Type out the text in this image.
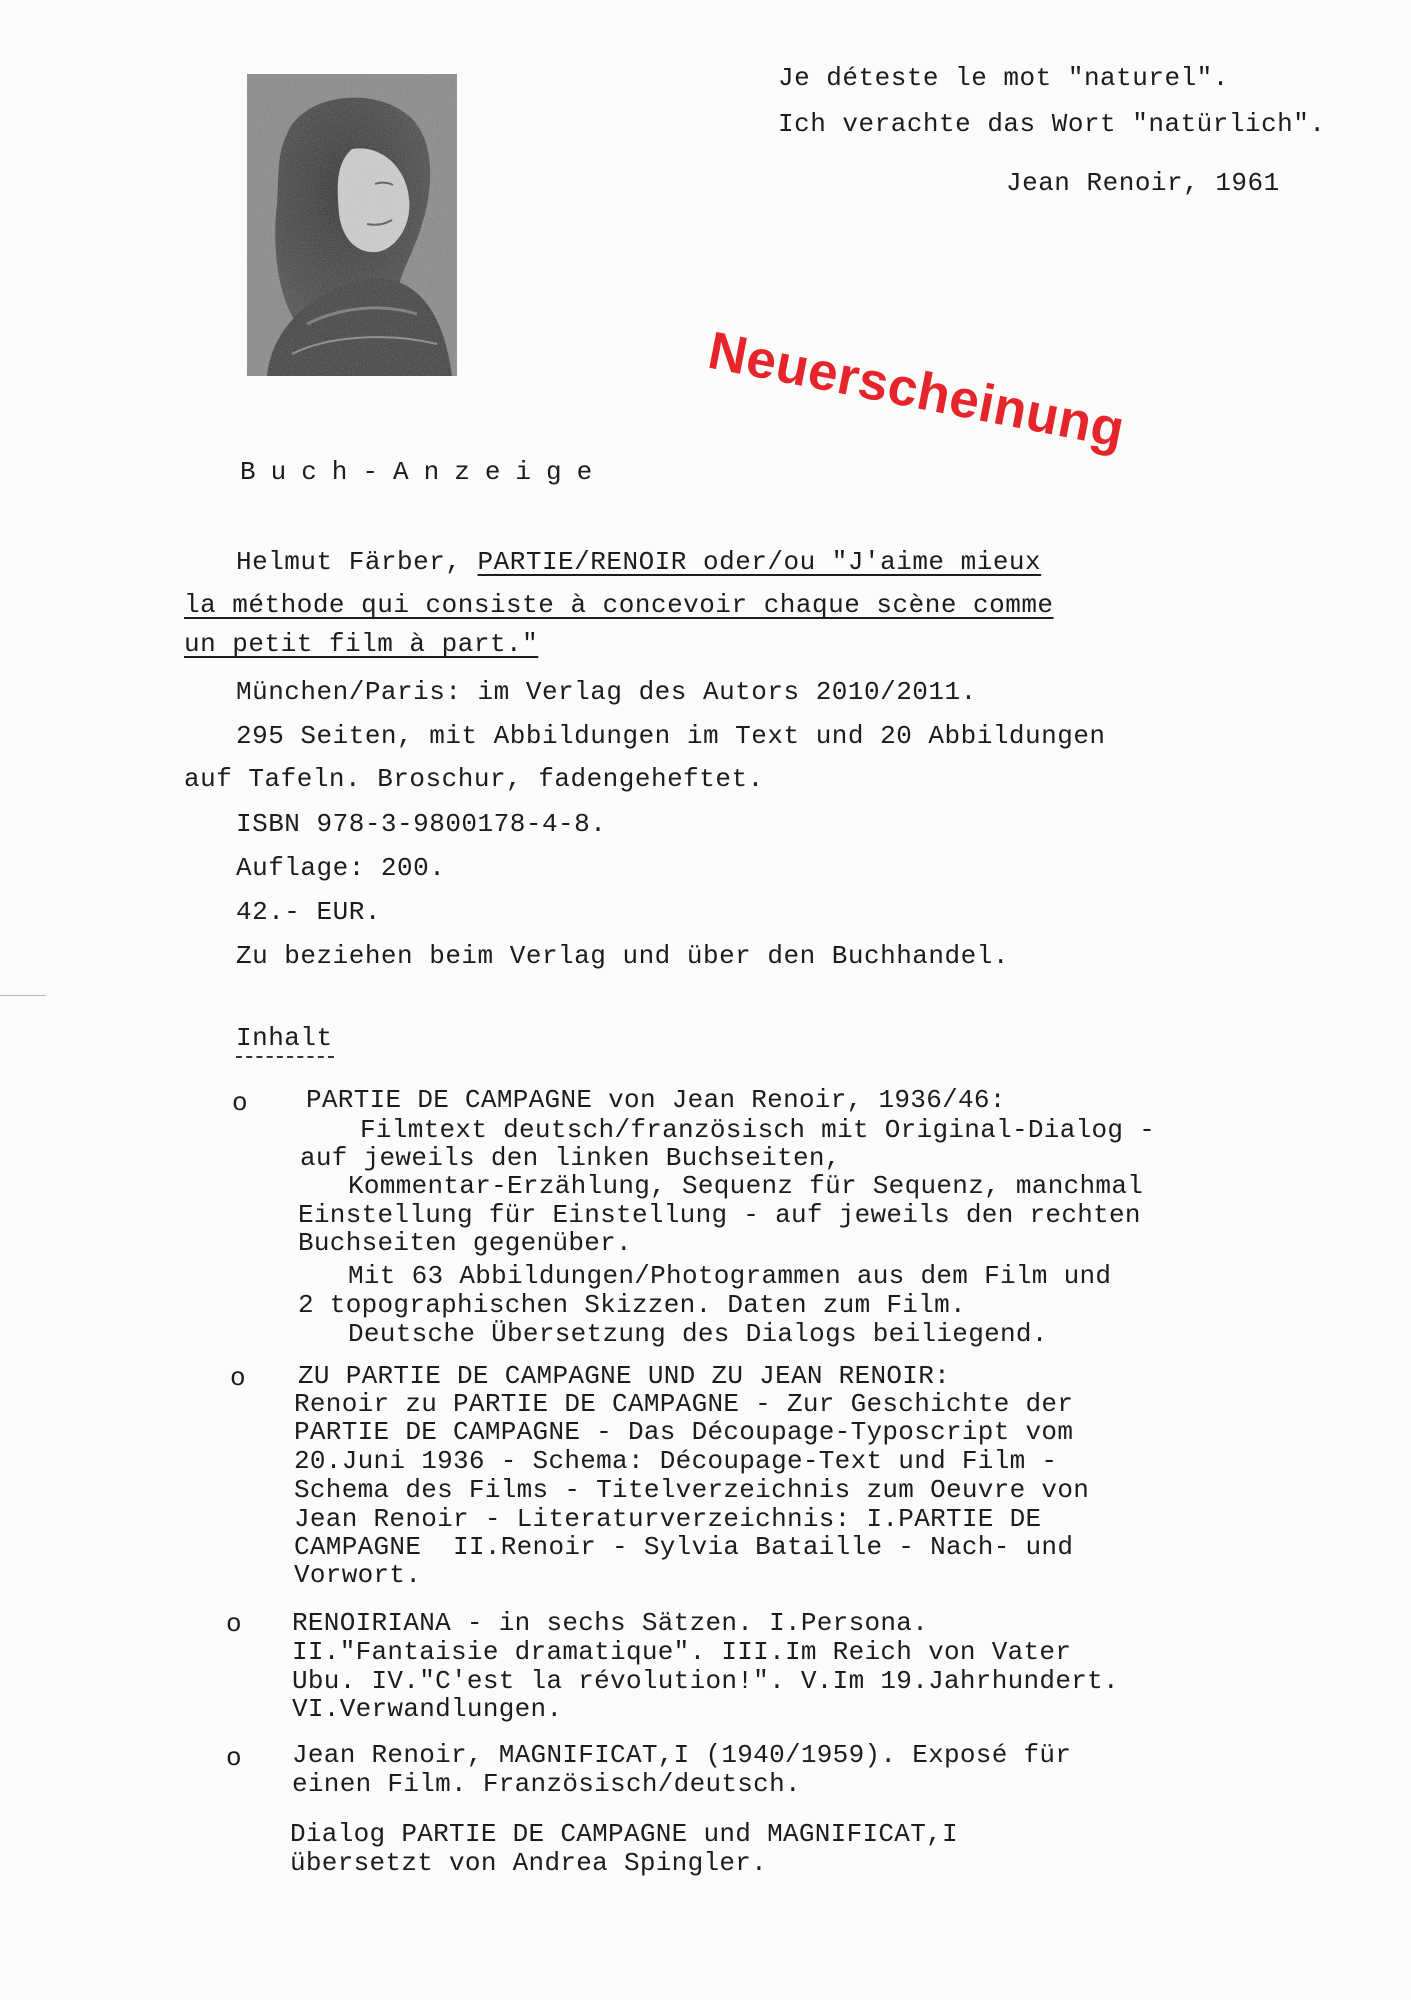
Je déteste le mot "naturel".
Ich verachte das Wort "natürlich".
Jean Renoir, 1961
Neuerscheinung
Buch-Anzeige
Helmut Färber, PARTIE/RENOIR oder/ou "J'aime mieux
la méthode qui consiste à concevoir chaque scène comme
un petit film à part."
München/Paris: im Verlag des Autors 2010/2011.
295 Seiten, mit Abbildungen im Text und 20 Abbildungen
auf Tafeln. Broschur, fadengeheftet.
ISBN 978-3-9800178-4-8.
Auflage: 200.
42.- EUR.
Zu beziehen beim Verlag und über den Buchhandel.
Inhalt
o PARTIE DE CAMPAGNE von Jean Renoir, 1936/46:
Filmtext deutsch/französisch mit Original-Dialog -
auf jeweils den linken Buchseiten,
Kommentar-Erzählung, Sequenz für Sequenz, manchmal
Einstellung für Einstellung - auf jeweils den rechten
Buchseiten gegenüber.
Mit 63 Abbildungen/Photogrammen aus dem Film und
2 topographischen Skizzen. Daten zum Film.
Deutsche Übersetzung des Dialogs beiliegend.
o ZU PARTIE DE CAMPAGNE UND ZU JEAN RENOIR:
Renoir zu PARTIE DE CAMPAGNE - Zur Geschichte der
PARTIE DE CAMPAGNE - Das Découpage-Typoscript vom
20.Juni 1936 - Schema: Découpage-Text und Film -
Schema des Films - Titelverzeichnis zum Oeuvre von
Jean Renoir - Literaturverzeichnis: I.PARTIE DE
CAMPAGNE  II.Renoir - Sylvia Bataille - Nach- und
Vorwort.
o RENOIRIANA - in sechs Sätzen. I.Persona.
II."Fantaisie dramatique". III.Im Reich von Vater
Ubu. IV."C'est la révolution!". V.Im 19.Jahrhundert.
VI.Verwandlungen.
o Jean Renoir, MAGNIFICAT,I (1940/1959). Exposé für
einen Film. Französisch/deutsch.
Dialog PARTIE DE CAMPAGNE und MAGNIFICAT,I
übersetzt von Andrea Spingler.
